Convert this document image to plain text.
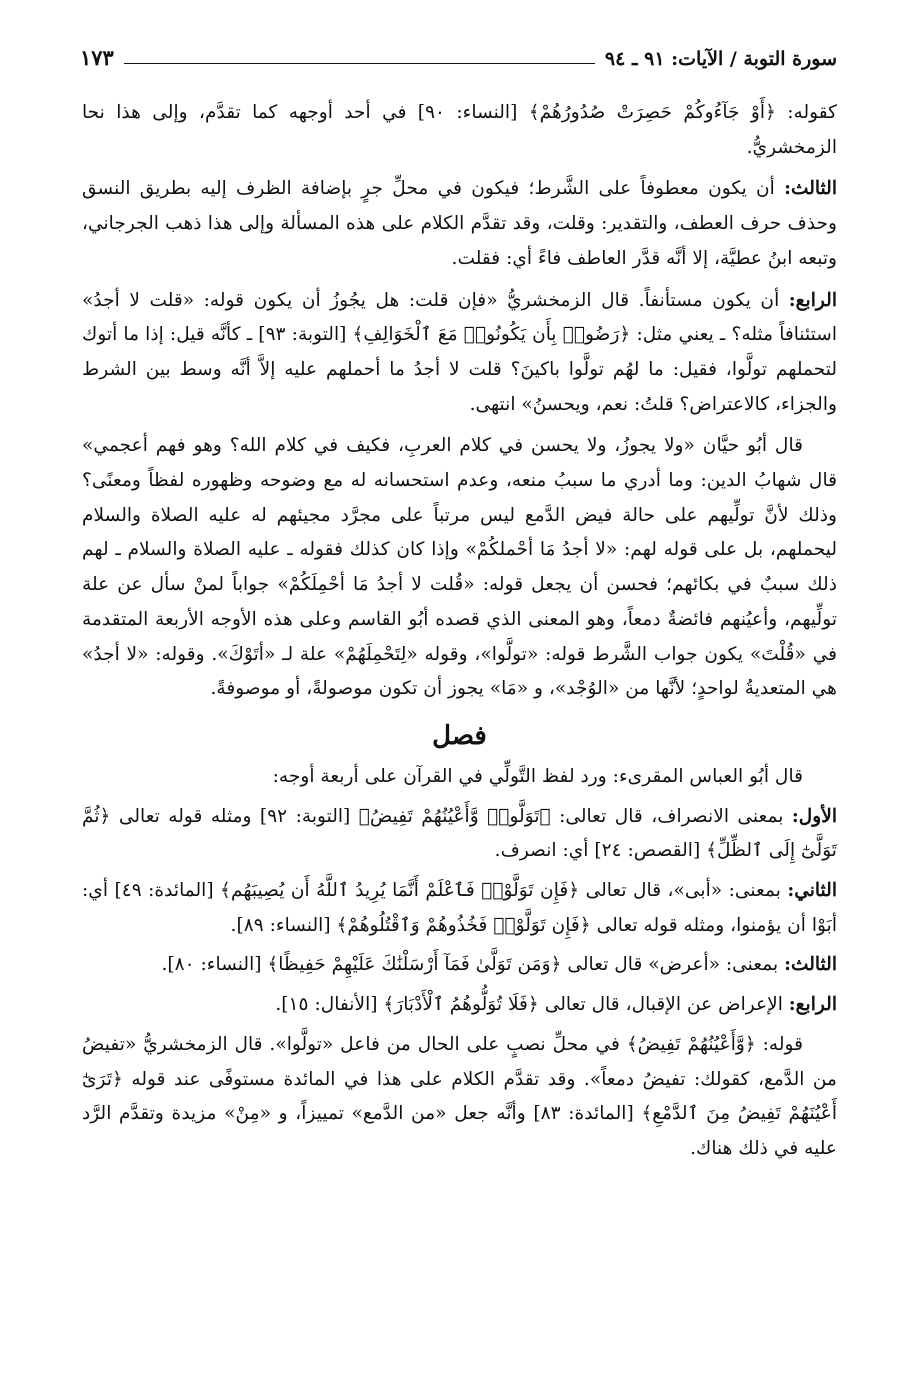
سورة التوبة / الآيات: ٩١ ـ ٩٤
١٧٣

كقوله: ﴿أَوْ جَآءُوكُمْ حَصِرَتْ صُدُورُهُمْ﴾ [النساء: ٩٠] في أحد أوجهه كما تقدَّم، وإلى هذا نحا الزمخشريُّ.

الثالث: أن يكون معطوفاً على الشَّرط؛ فيكون في محلِّ جرٍ بإضافة الظرف إليه بطريق النسق وحذف حرف العطف، والتقدير: وقلت، وقد تقدَّم الكلام على هذه المسألة وإلى هذا ذهب الجرجاني، وتبعه ابنُ عطيَّة، إلا أنَّه قدَّر العاطف فاءً أي: فقلت.

الرابع: أن يكون مستأنفاً. قال الزمخشريُّ «فإن قلت: هل يجُوزُ أن يكون قوله: «قلت لا أجدُ» استئنافاً مثله؟ ـ يعني مثل: ﴿رَضُوا۟ بِأَن يَكُونُوا۟ مَعَ ٱلْخَوَالِفِ﴾ [التوبة: ٩٣] ـ كأنَّه قيل: إذا ما أتوك لتحملهم تولَّوا، فقيل: ما لهُم تولَّوا باكينَ؟ قلت لا أجدُ ما أحملهم عليه إلاَّ أنَّه وسط بين الشرط والجزاء، كالاعتراض؟ قلتُ: نعم، ويحسنُ» انتهى.

قال أبُو حيَّان «ولا يجوزُ، ولا يحسن في كلام العربِ، فكيف في كلام الله؟ وهو فهم أعجمي» قال شهابُ الدين: وما أدري ما سببُ منعه، وعدم استحسانه له مع وضوحه وظهوره لفظاً ومعنًى؟ وذلك لأنَّ تولِّيهم على حالة فيض الدَّمع ليس مرتباً على مجرَّد مجيئهم له عليه الصلاة والسلام ليحملهم، بل على قوله لهم: «لا أجدُ مَا أحْملكُمْ» وإذا كان كذلك فقوله ـ عليه الصلاة والسلام ـ لهم ذلك سببٌ في بكائهم؛ فحسن أن يجعل قوله: «قُلت لا أجدُ مَا أحْمِلَكُمْ» جواباً لمنْ سأل عن علة تولِّيهم، وأعيُنهم فائضةٌ دمعاً، وهو المعنى الذي قصده أبُو القاسم وعلى هذه الأوجه الأربعة المتقدمة في «قُلْتَ» يكون جواب الشَّرط قوله: «تولَّوا»، وقوله «لِتَحْمِلَهُمْ» علة لـ «أتَوْكَ». وقوله: «لا أجدُ» هي المتعديةُ لواحدٍ؛ لأنَّها من «الوُجْد»، و «مَا» يجوز أن تكون موصولةً، أو موصوفةً.

فصل

قال أبُو العباس المقرىء: ورد لفظ التَّولِّي في القرآن على أربعة أوجه:

الأول: بمعنى الانصراف، قال تعالى: ﴿تَوَلَّوا۟ وَّأَعْيُنُهُمْ تَفِيضُ﴾ [التوبة: ٩٢] ومثله قوله تعالى ﴿ثُمَّ تَوَلَّىٰٓ إِلَى ٱلظِّلِّ﴾ [القصص: ٢٤] أي: انصرف.

الثاني: بمعنى: «أبى»، قال تعالى ﴿فَإِن تَوَلَّوْا۟ فَٱعْلَمْ أَنَّمَا يُرِيدُ ٱللَّهُ أَن يُصِيبَهُم﴾ [المائدة: ٤٩] أي: أبَوْا أن يؤمنوا، ومثله قوله تعالى ﴿فَإِن تَوَلَّوْا۟ فَخُذُوهُمْ وَٱقْتُلُوهُمْ﴾ [النساء: ٨٩].

الثالث: بمعنى: «أعرض» قال تعالى ﴿وَمَن تَوَلَّىٰ فَمَآ أَرْسَلْنَٰكَ عَلَيْهِمْ حَفِيظًا﴾ [النساء: ٨٠].

الرابع: الإعراض عن الإقبال، قال تعالى ﴿فَلَا تُوَلُّوهُمُ ٱلْأَدْبَارَ﴾ [الأنفال: ١٥].

قوله: ﴿وَّأَعْيُنُهُمْ تَفِيضُ﴾ في محلِّ نصبٍ على الحال من فاعل «تولَّوا». قال الزمخشريُّ «تفيضُ من الدَّمع، كقولك: تفيضُ دمعاً». وقد تقدَّم الكلام على هذا في المائدة مستوفًى عند قوله ﴿تَرَىٰٓ أَعْيُنَهُمْ تَفِيضُ مِنَ ٱلدَّمْعِ﴾ [المائدة: ٨٣] وأنَّه جعل «من الدَّمع» تمييزاً، و «مِنْ» مزيدة وتقدَّم الرَّد عليه في ذلك هناك.
